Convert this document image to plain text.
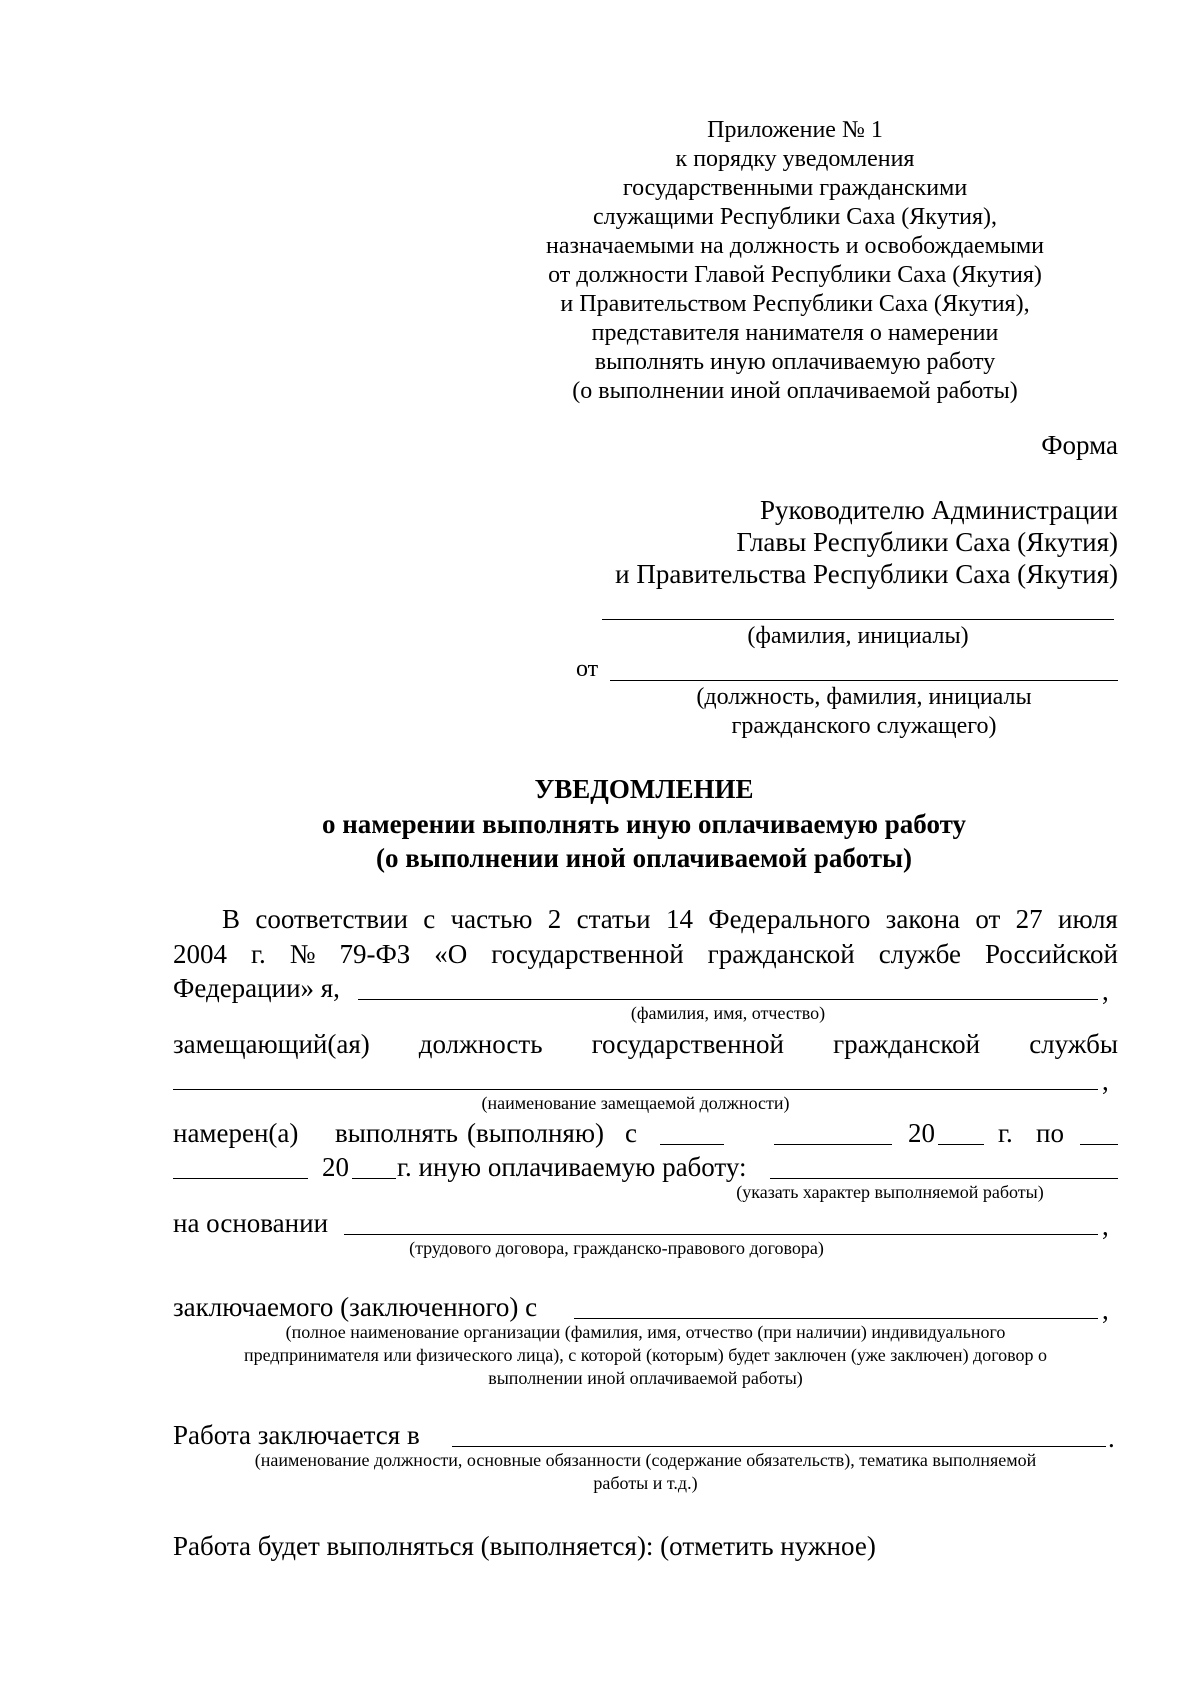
Приложение № 1
к порядку уведомления
государственными гражданскими
служащими Республики Саха (Якутия),
назначаемыми на должность и освобождаемыми
от должности Главой Республики Саха (Якутия)
и Правительством Республики Саха (Якутия),
представителя нанимателя о намерении
выполнять иную оплачиваемую работу
(о выполнении иной оплачиваемой работы)
Форма
Руководителю Администрации
Главы Республики Саха (Якутия)
и Правительства Республики Саха (Якутия)
(фамилия, инициалы)
от
(должность, фамилия, инициалы
гражданского служащего)
УВЕДОМЛЕНИЕ
о намерении выполнять иную оплачиваемую работу
(о выполнении иной оплачиваемой работы)
В соответствии с частью 2 статьи 14 Федерального закона от 27 июля
2004 г. № 79-ФЗ «О государственной гражданской службе Российской
Федерации» я,	,
(фамилия, имя, отчество)
замещающий(ая) должность государственной гражданской службы
,
(наименование замещаемой должности)
намерен(а) выполнять (выполняю) с	20 г. по
20 г. иную оплачиваемую работу:
(указать характер выполняемой работы)
на основании	,
(трудового договора, гражданско-правового договора)
заключаемого (заключенного) с	,
(полное наименование организации (фамилия, имя, отчество (при наличии) индивидуального
предпринимателя или физического лица), с которой (которым) будет заключен (уже заключен) договор о
выполнении иной оплачиваемой работы)
Работа заключается в	.
(наименование должности, основные обязанности (содержание обязательств), тематика выполняемой
работы и т.д.)
Работа будет выполняться (выполняется): (отметить нужное)
